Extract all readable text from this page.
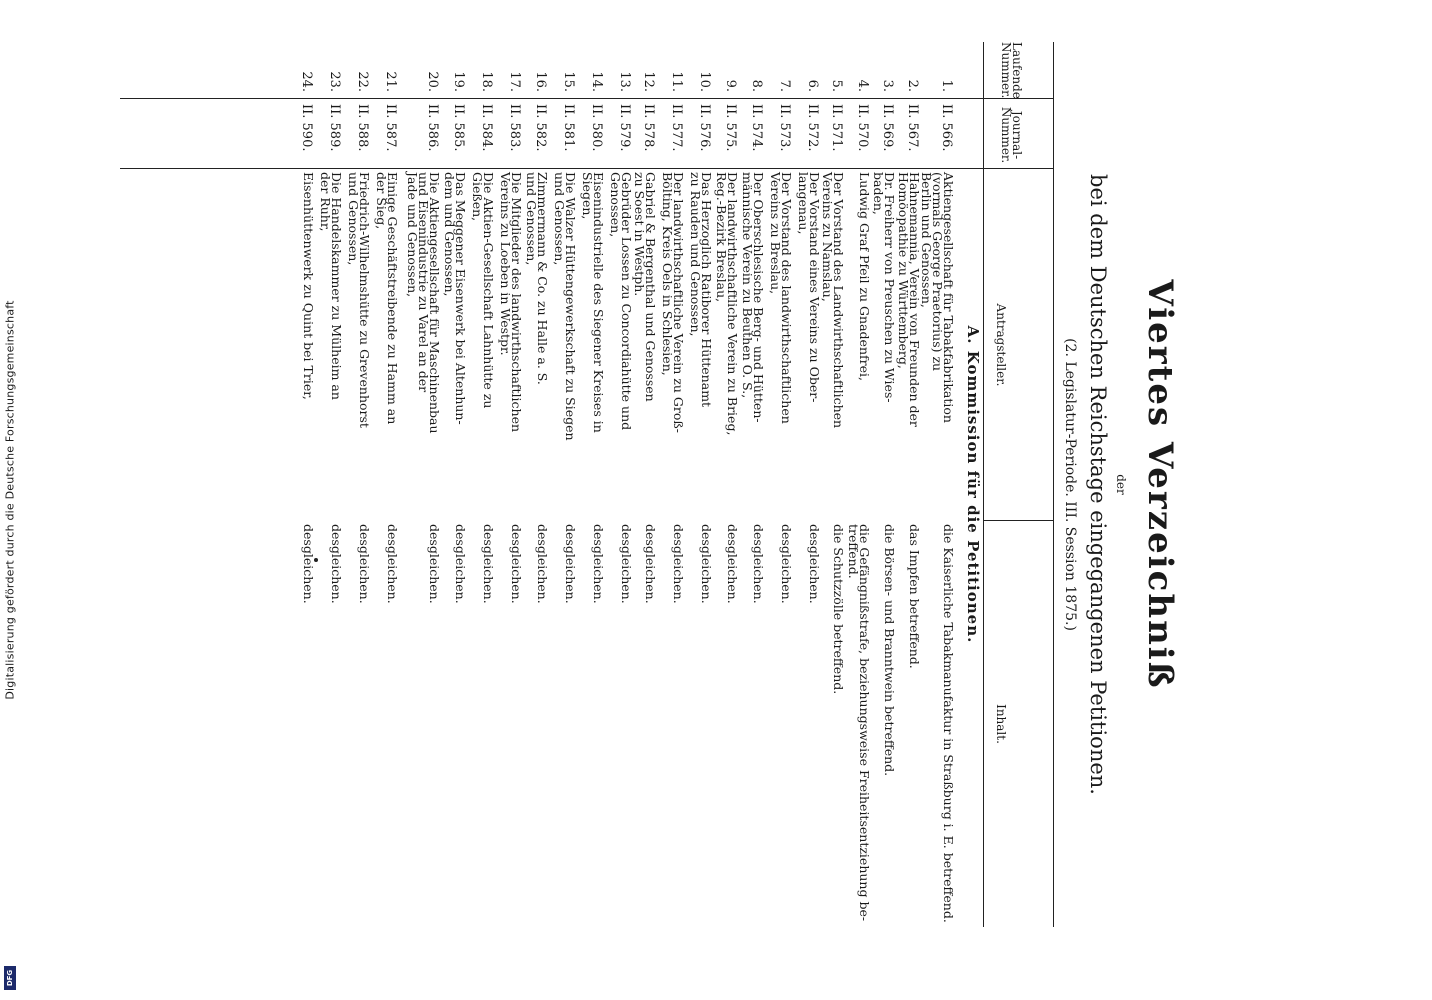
Digitalisierung gefördert durch die Deutsche Forschungsgemeinschaft
DFG
Viertes Verzeichniß
der
bei dem Deutschen Reichstage eingegangenen Petitionen.
(2. Legislatur-Periode. III. Session 1875.)
Laufende
Nummer.
Journal-
Nummer.
Antragsteller.
Inhalt.
A. Kommission für die Petitionen.
1.
II. 566.
Aktiengesellschaft für Tabakfabrikation
(vormals George Praetorius) zu
Berlin und Genossen,
die Kaiserliche Tabakmanufaktur in Straßburg i. E. betreffend.
2.
II. 567.
Hahnemannia, Verein von Freunden der
Homöopathie zu Württemberg,
das Impfen betreffend.
3.
II. 569.
Dr. Freiherr von Preuschen zu Wies-
baden,
die Börsen- und Branntwein betreffend.
4.
II. 570.
Ludwig Graf Pfeil zu Gnadenfrei,
die Gefängnißstrafe, beziehungsweise Freiheitsentziehung be-
treffend.
5.
II. 571.
Der Vorstand des Landwirthschaftlichen
Vereins zu Namslau,
die Schutzzölle betreffend.
6.
II. 572.
Der Vorstand eines Vereins zu Ober-
langenau,
desgleichen.
7.
II. 573.
Der Vorstand des landwirthschaftlichen
Vereins zu Breslau,
desgleichen.
8.
II. 574.
Der Oberschlesische Berg- und Hütten-
männische Verein zu Beuthen O. S.,
desgleichen.
9.
II. 575.
Der landwirthschaftliche Verein zu Brieg,
Reg.-Bezirk Breslau,
desgleichen.
10.
II. 576.
Das Herzoglich Ratiborer Hüttenamt
zu Rauden und Genossen,
desgleichen.
11.
II. 577.
Der landwirthschaftliche Verein zu Groß-
Bölting, Kreis Oels in Schlesien,
desgleichen.
12.
II. 578.
Gabriel & Bergenthal und Genossen
zu Soest in Westph.
desgleichen.
13.
II. 579.
Gebrüder Lossen zu Concordiahütte und
Genossen,
desgleichen.
14.
II. 580.
Eisenindustrielle des Siegener Kreises in
Siegen,
desgleichen.
15.
II. 581.
Die Walzer Hüttengewerkschaft zu Siegen
und Genossen,
desgleichen.
16.
II. 582.
Zimmermann & Co. zu Halle a. S.
und Genossen,
desgleichen.
17.
II. 583.
Die Mitglieder des landwirthschaftlichen
Vereins zu Loeben in Westpr.
desgleichen.
18.
II. 584.
Die Aktien-Gesellschaft Lahnhütte zu
Gießen,
desgleichen.
19.
II. 585.
Das Meggener Eisenwerk bei Altenhun-
dem und Genossen,
desgleichen.
20.
II. 586.
Die Aktiengesellschaft für Maschinenbau
und Eisenindustrie zu Varel an der
Jade und Genossen,
desgleichen.
21.
II. 587.
Einige Geschäftstreibende zu Hamm an
der Sieg,
desgleichen.
22.
II. 588.
Friedrich-Wilhelmshütte zu Grevenhorst
und Genossen,
desgleichen.
23.
II. 589.
Die Handelskammer zu Mülheim an
der Ruhr,
desgleichen.
24.
II. 590.
Eisenhüttenwerk zu Quint bei Trier,
desgleichen.
